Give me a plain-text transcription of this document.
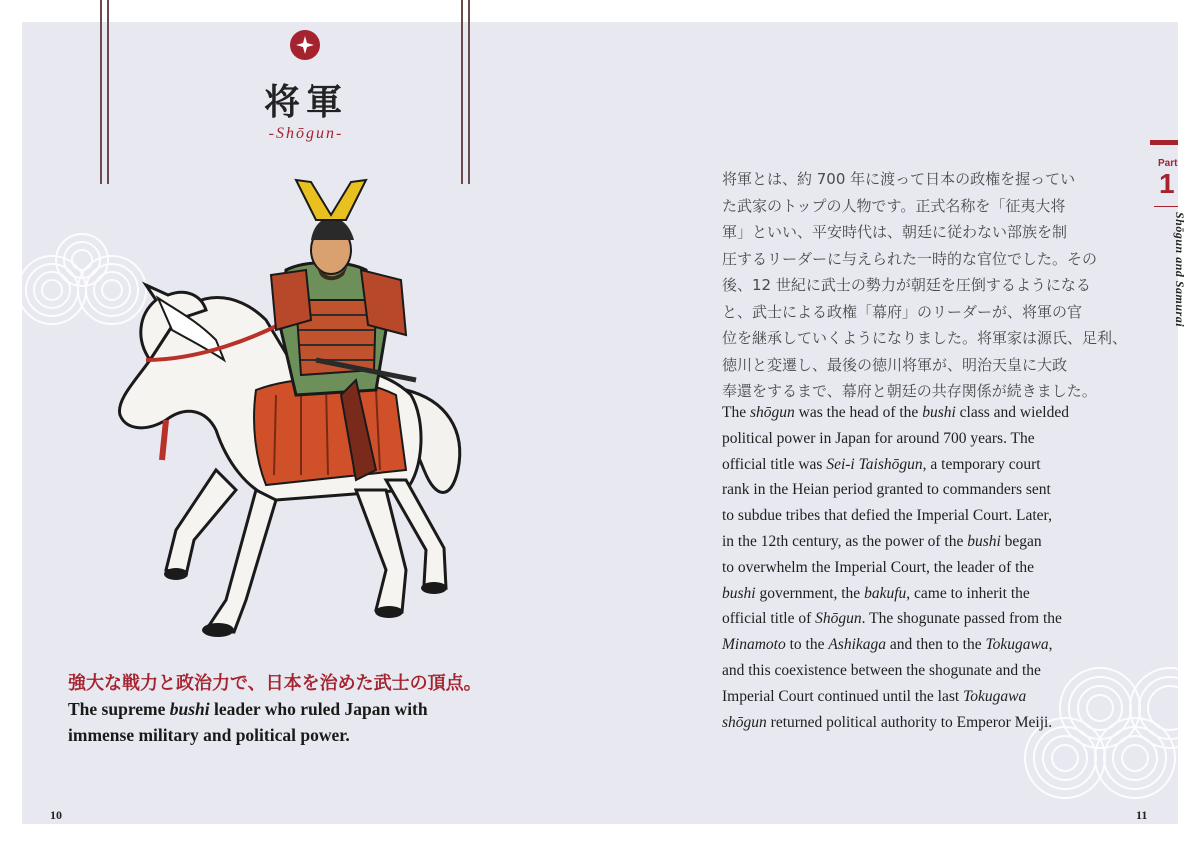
将軍
-Shōgun-
強大な戦力と政治力で、日本を治めた武士の頂点。
The supreme bushi leader who ruled Japan with
immense military and political power.
将軍とは、約 700 年に渡って日本の政権を握ってい
た武家のトップの人物です。正式名称を「征夷大将
軍」といい、平安時代は、朝廷に従わない部族を制
圧するリーダーに与えられた一時的な官位でした。その
後、12 世紀に武士の勢力が朝廷を圧倒するようになる
と、武士による政権「幕府」のリーダーが、将軍の官
位を継承していくようになりました。将軍家は源氏、足利、
徳川と変遷し、最後の徳川将軍が、明治天皇に大政
奉還をするまで、幕府と朝廷の共存関係が続きました。
The shōgun was the head of the bushi class and wielded
political power in Japan for around 700 years. The
official title was Sei-i Taishōgun, a temporary court
rank in the Heian period granted to commanders sent
to subdue tribes that defied the Imperial Court. Later,
in the 12th century, as the power of the bushi began
to overwhelm the Imperial Court, the leader of the
bushi government, the bakufu, came to inherit the
official title of Shōgun. The shogunate passed from the
Minamoto to the Ashikaga and then to the Tokugawa,
and this coexistence between the shogunate and the
Imperial Court continued until the last Tokugawa
shōgun returned political authority to Emperor Meiji.
Part
1
Shōgun and Samurai
10	11
